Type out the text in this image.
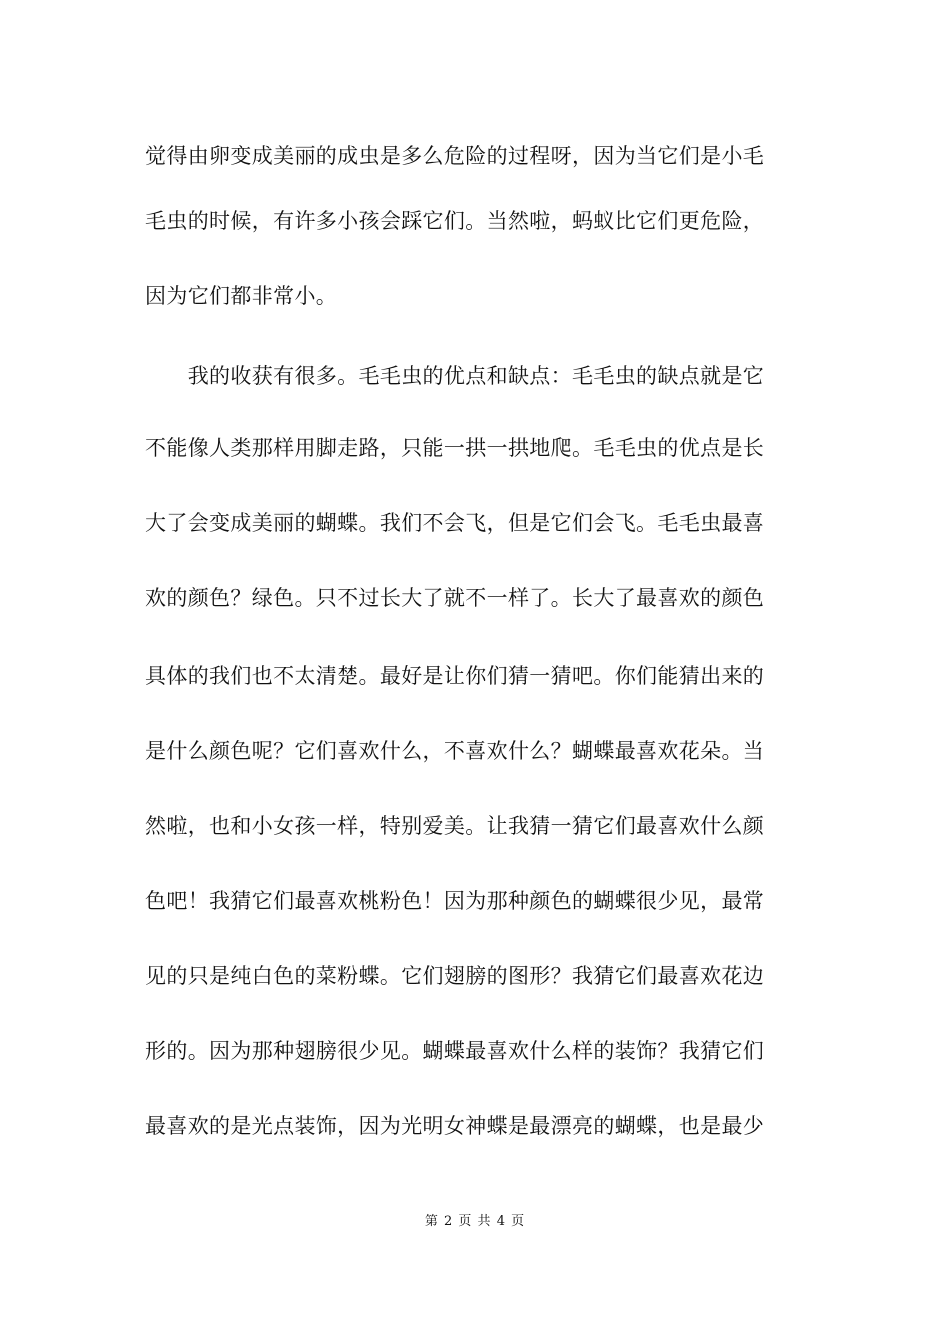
觉得由卵变成美丽的成虫是多么危险的过程呀，因为当它们是小毛
毛虫的时候，有许多小孩会踩它们。当然啦，蚂蚁比它们更危险，
因为它们都非常小。
　　我的收获有很多。毛毛虫的优点和缺点：毛毛虫的缺点就是它
不能像人类那样用脚走路，只能一拱一拱地爬。毛毛虫的优点是长
大了会变成美丽的蝴蝶。我们不会飞，但是它们会飞。毛毛虫最喜
欢的颜色？绿色。只不过长大了就不一样了。长大了最喜欢的颜色
具体的我们也不太清楚。最好是让你们猜一猜吧。你们能猜出来的
是什么颜色呢？它们喜欢什么，不喜欢什么？蝴蝶最喜欢花朵。当
然啦，也和小女孩一样，特别爱美。让我猜一猜它们最喜欢什么颜
色吧！我猜它们最喜欢桃粉色！因为那种颜色的蝴蝶很少见，最常
见的只是纯白色的菜粉蝶。它们翅膀的图形？我猜它们最喜欢花边
形的。因为那种翅膀很少见。蝴蝶最喜欢什么样的装饰？我猜它们
最喜欢的是光点装饰，因为光明女神蝶是最漂亮的蝴蝶，也是最少
第 2 页 共 4 页
